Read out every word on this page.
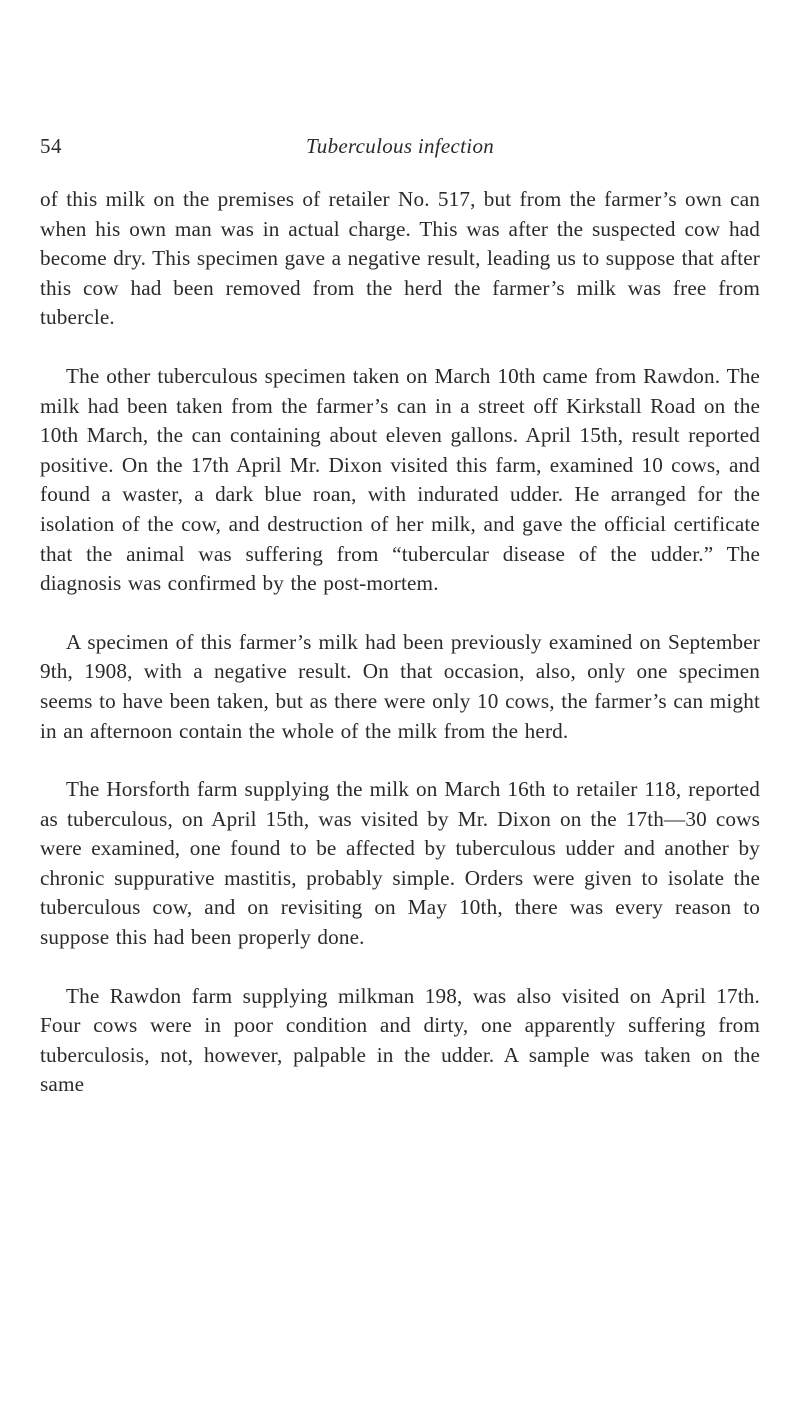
54	Tuberculous infection

of this milk on the premises of retailer No. 517, but from the farmer’s own can when his own man was in actual charge. This was after the suspected cow had become dry. This specimen gave a negative result, leading us to suppose that after this cow had been removed from the herd the farmer’s milk was free from tubercle.

The other tuberculous specimen taken on March 10th came from Rawdon. The milk had been taken from the farmer’s can in a street off Kirkstall Road on the 10th March, the can containing about eleven gallons. April 15th, result reported positive. On the 17th April Mr. Dixon visited this farm, examined 10 cows, and found a waster, a dark blue roan, with indurated udder. He arranged for the isolation of the cow, and destruction of her milk, and gave the official certificate that the animal was suffering from “tubercular disease of the udder.” The diagnosis was confirmed by the post-mortem.

A specimen of this farmer’s milk had been previously examined on September 9th, 1908, with a negative result. On that occasion, also, only one specimen seems to have been taken, but as there were only 10 cows, the farmer’s can might in an afternoon contain the whole of the milk from the herd.

The Horsforth farm supplying the milk on March 16th to retailer 118, reported as tuberculous, on April 15th, was visited by Mr. Dixon on the 17th—30 cows were examined, one found to be affected by tuberculous udder and another by chronic suppurative mastitis, probably simple. Orders were given to isolate the tuberculous cow, and on revisiting on May 10th, there was every reason to suppose this had been properly done.

The Rawdon farm supplying milkman 198, was also visited on April 17th. Four cows were in poor condition and dirty, one apparently suffering from tuberculosis, not, however, palpable in the udder. A sample was taken on the same
